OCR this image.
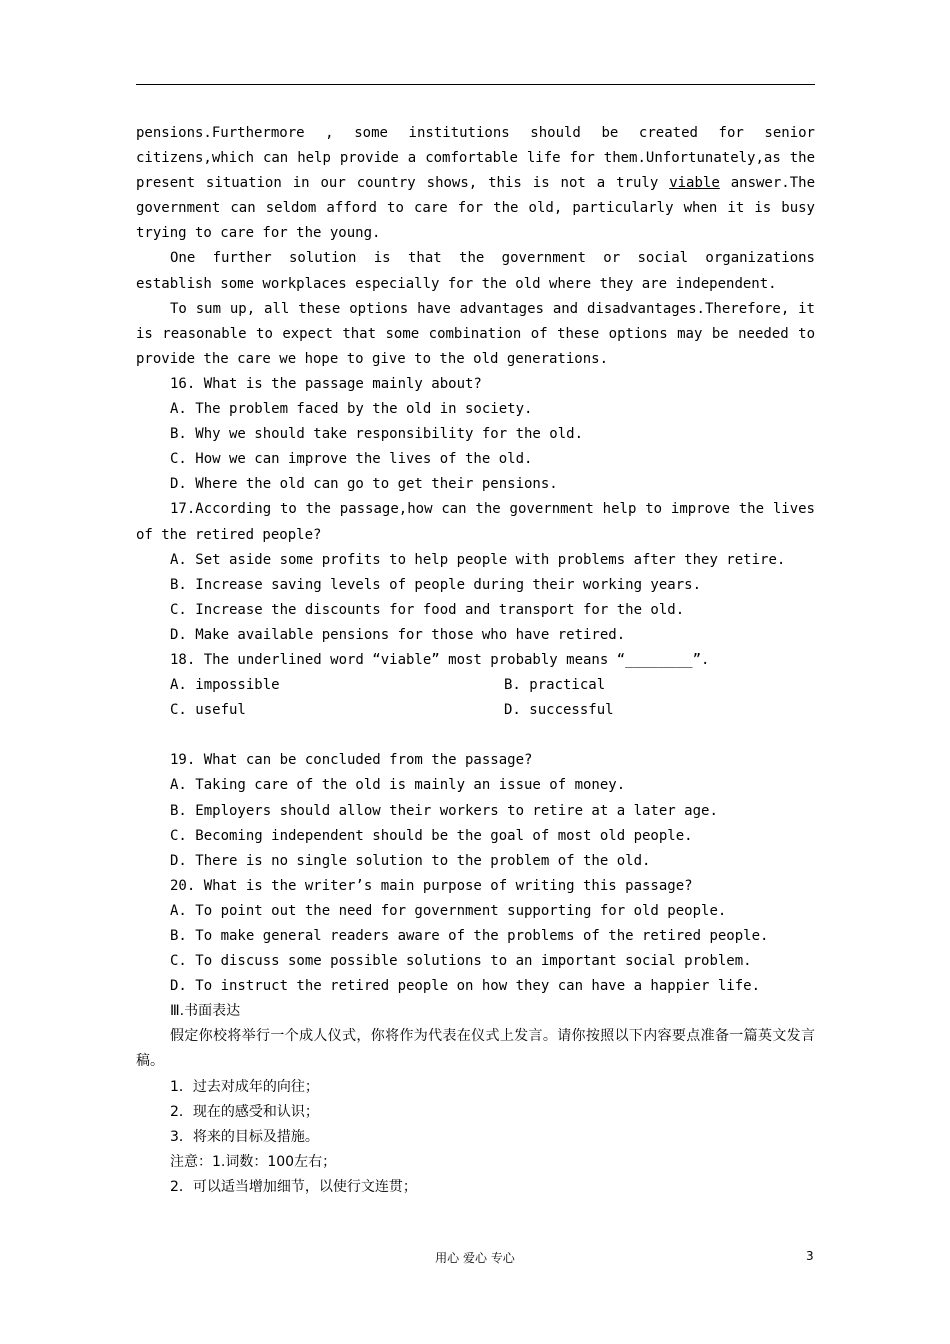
pensions.Furthermore , some institutions should be created for senior citizens,which can help provide a comfortable life for them.Unfortunately,as the present situation in our country shows, this is not a truly viable answer.The government can seldom afford to care for the old, particularly when it is busy trying to care for the young.

One further solution is that the government or social organizations establish some workplaces especially for the old where they are independent.

To sum up, all these options have advantages and disadvantages.Therefore, it is reasonable to expect that some combination of these options may be needed to provide the care we hope to give to the old generations.

16. What is the passage mainly about?

A. The problem faced by the old in society.

B. Why we should take responsibility for the old.

C. How we can improve the lives of the old.

D. Where the old can go to get their pensions.

17.According to the passage,how can the government help to improve the lives of the retired people?

A. Set aside some profits to help people with problems after they retire.

B. Increase saving levels of people during their working years.

C. Increase the discounts for food and transport for the old.

D. Make available pensions for those who have retired.

18. The underlined word “viable” most probably means “________”.

A. impossible	B. practical
C. useful	D. successful

19. What can be concluded from the passage?

A. Taking care of the old is mainly an issue of money.

B. Employers should allow their workers to retire at a later age.

C. Becoming independent should be the goal of most old people.

D. There is no single solution to the problem of the old.

20. What is the writer’s main purpose of writing this passage?

A. To point out the need for government supporting for old people.

B. To make general readers aware of the problems of the retired people.

C. To discuss some possible solutions to an important social problem.

D. To instruct the retired people on how they can have a happier life.

Ⅲ.书面表达

假定你校将举行一个成人仪式，你将作为代表在仪式上发言。请你按照以下内容要点准备一篇英文发言稿。

1．过去对成年的向往；

2．现在的感受和认识；

3．将来的目标及措施。

注意：1.词数：100左右；

2．可以适当增加细节，以使行文连贯；

用心 爱心 专心	3
